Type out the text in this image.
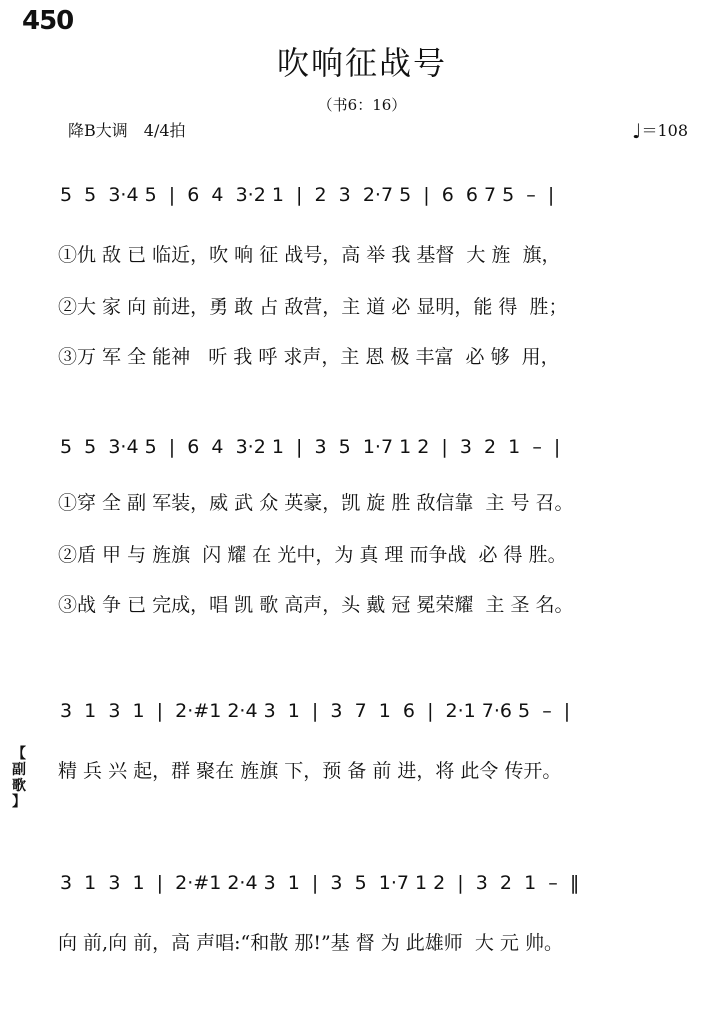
450
吹响征战号
（书6：16）
降B大调　4/4拍	♩＝108
5  5  3·4 5  |  6  4  3·2 1  |  2  3  2·7 5  |  6  6 7 5  –  |
①仇 敌 已 临近，吹 响 征 战号，高 举 我 基督  大 旌  旗，
②大 家 向 前进，勇 敢 占 敌营，主 道 必 显明，能 得  胜；
③万 军 全 能神   听 我 呼 求声，主 恩 极 丰富  必 够  用，
5  5  3·4 5  |  6  4  3·2 1  |  3  5  1·7 1 2  |  3  2  1  –  |
①穿 全 副 军装，威 武 众 英豪，凯 旋 胜 敌信靠  主 号 召。
②盾 甲 与 旌旗  闪 耀 在 光中，为 真 理 而争战  必 得 胜。
③战 争 已 完成，唱 凯 歌 高声，头 戴 冠 冕荣耀  主 圣 名。
3  1  3  1  |  2·#1 2·4 3  1  |  3  7  1  6  |  2·1 7·6 5  –  |
【
副
歌
】
精 兵 兴 起，群 聚在 旌旗 下，预 备 前 进，将 此令 传开。
3  1  3  1  |  2·#1 2·4 3  1  |  3  5  1·7 1 2  |  3  2  1  –  ‖
向 前,向 前，高 声唱:“和散 那!”基 督 为 此雄师  大 元 帅。
